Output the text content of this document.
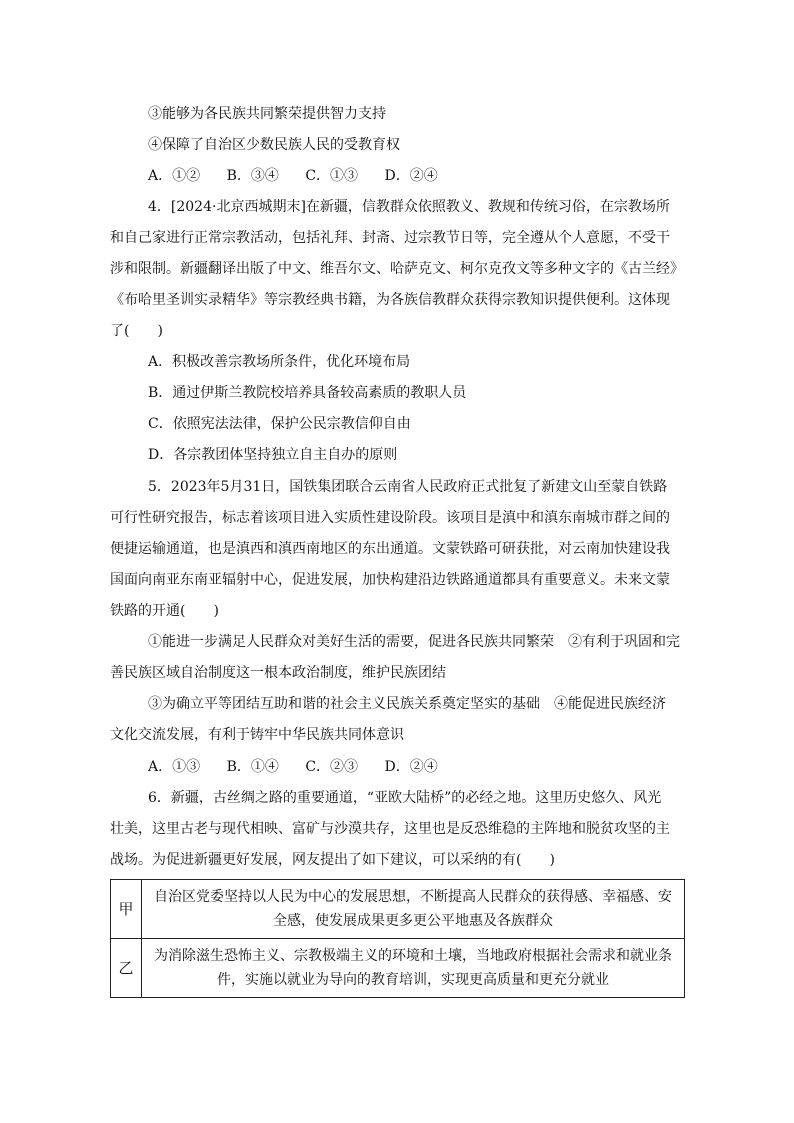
③能够为各民族共同繁荣提供智力支持
④保障了自治区少数民族人民的受教育权
A．①② B．③④ C．①③ D．②④
4．[2024·北京西城期末]在新疆，信教群众依照教义、教规和传统习俗，在宗教场所
和自己家进行正常宗教活动，包括礼拜、封斋、过宗教节日等，完全遵从个人意愿，不受干
涉和限制。新疆翻译出版了中文、维吾尔文、哈萨克文、柯尔克孜文等多种文字的《古兰经》
《布哈里圣训实录精华》等宗教经典书籍，为各族信教群众获得宗教知识提供便利。这体现
了(　　)
A．积极改善宗教场所条件，优化环境布局
B．通过伊斯兰教院校培养具备较高素质的教职人员
C．依照宪法法律，保护公民宗教信仰自由
D．各宗教团体坚持独立自主自办的原则
5．2023年5月31日，国铁集团联合云南省人民政府正式批复了新建文山至蒙自铁路
可行性研究报告，标志着该项目进入实质性建设阶段。该项目是滇中和滇东南城市群之间的
便捷运输通道，也是滇西和滇西南地区的东出通道。文蒙铁路可研获批，对云南加快建设我
国面向南亚东南亚辐射中心，促进发展，加快构建沿边铁路通道都具有重要意义。未来文蒙
铁路的开通(　　)
①能进一步满足人民群众对美好生活的需要，促进各民族共同繁荣　②有利于巩固和完
善民族区域自治制度这一根本政治制度，维护民族团结
③为确立平等团结互助和谐的社会主义民族关系奠定坚实的基础　④能促进民族经济
文化交流发展，有利于铸牢中华民族共同体意识
A．①③ B．①④ C．②③ D．②④
6．新疆，古丝绸之路的重要通道，“亚欧大陆桥”的必经之地。这里历史悠久、风光
壮美，这里古老与现代相映、富矿与沙漠共存，这里也是反恐维稳的主阵地和脱贫攻坚的主
战场。为促进新疆更好发展，网友提出了如下建议，可以采纳的有(　　)
甲	自治区党委坚持以人民为中心的发展思想，不断提高人民群众的获得感、幸福感、安全感，使发展成果更多更公平地惠及各族群众
乙	为消除滋生恐怖主义、宗教极端主义的环境和土壤，当地政府根据社会需求和就业条件，实施以就业为导向的教育培训，实现更高质量和更充分就业
